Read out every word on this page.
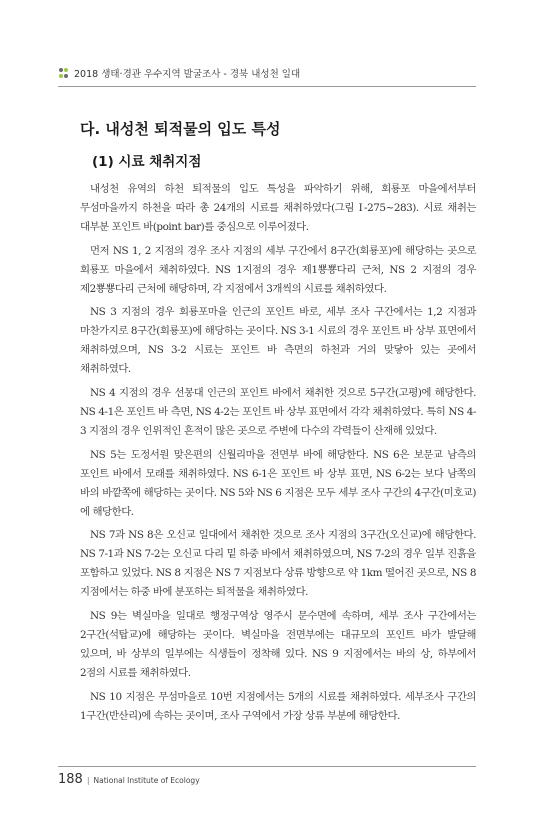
2018 생태·경관 우수지역 발굴조사 - 경북 내성천 일대
다. 내성천 퇴적물의 입도 특성
(1) 시료 채취지점

내성천 유역의 하천 퇴적물의 입도 특성을 파악하기 위해, 회룡포 마을에서부터 무섬마을까지 하천을 따라 총 24개의 시료를 채취하였다(그림 Ⅰ-275~283). 시료 채취는 대부분 포인트 바(point bar)를 중심으로 이루어졌다.

먼저 NS 1, 2 지점의 경우 조사 지점의 세부 구간에서 8구간(회룡포)에 해당하는 곳으로 회룡포 마을에서 채취하였다. NS 1지점의 경우 제1뿅뿅다리 근처, NS 2 지점의 경우 제2뿅뿅다리 근처에 해당하며, 각 지점에서 3개씩의 시료를 채취하였다.

NS 3 지점의 경우 회룡포마을 인근의 포인트 바로, 세부 조사 구간에서는 1,2 지점과 마찬가지로 8구간(회룡포)에 해당하는 곳이다. NS 3-1 시료의 경우 포인트 바 상부 표면에서 채취하였으며, NS 3-2 시료는 포인트 바 측면의 하천과 거의 맞닿아 있는 곳에서 채취하였다.

NS 4 지점의 경우 선몽대 인근의 포인트 바에서 채취한 것으로 5구간(고평)에 해당한다. NS 4-1은 포인트 바 측면, NS 4-2는 포인트 바 상부 표면에서 각각 채취하였다. 특히 NS 4-3 지점의 경우 인위적인 흔적이 많은 곳으로 주변에 다수의 각력들이 산재해 있었다.

NS 5는 도정서원 맞은편의 신월리마을 전면부 바에 해당한다. NS 6은 보문교 남측의 포인트 바에서 모래를 채취하였다. NS 6-1은 포인트 바 상부 표면, NS 6-2는 보다 남쪽의 바의 바깥쪽에 해당하는 곳이다. NS 5와 NS 6 지점은 모두 세부 조사 구간의 4구간(미호교)에 해당한다.

NS 7과 NS 8은 오신교 일대에서 채취한 것으로 조사 지점의 3구간(오신교)에 해당한다. NS 7-1과 NS 7-2는 오신교 다리 밑 하중 바에서 채취하였으며, NS 7-2의 경우 일부 진흙을 포함하고 있었다. NS 8 지점은 NS 7 지점보다 상류 방향으로 약 1km 떨어진 곳으로, NS 8 지점에서는 하중 바에 분포하는 퇴적물을 채취하였다.

NS 9는 벽실마을 일대로 행정구역상 영주시 문수면에 속하며, 세부 조사 구간에서는 2구간(석탑교)에 해당하는 곳이다. 벽실마을 전면부에는 대규모의 포인트 바가 발달해 있으며, 바 상부의 일부에는 식생들이 정착해 있다. NS 9 지점에서는 바의 상, 하부에서 2점의 시료를 채취하였다.

NS 10 지점은 무섬마을로 10번 지점에서는 5개의 시료를 채취하였다. 세부조사 구간의 1구간(반산리)에 속하는 곳이며, 조사 구역에서 가장 상류 부분에 해당한다.

188 | National Institute of Ecology
